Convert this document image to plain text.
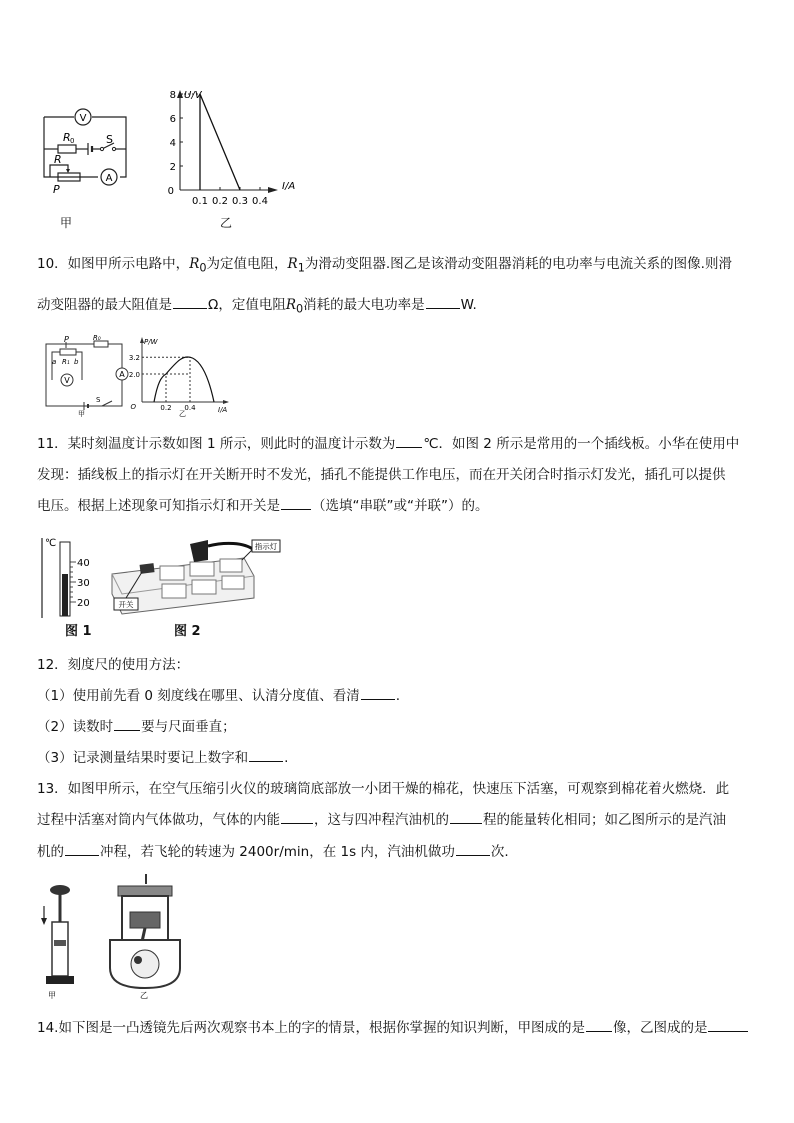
V
A
R 0
R
S
P
甲
U/V
I/A
0
8
6
4
2
0.1 0.2 0.3 0.4
乙
10．如图甲所示电路中，$R_0$为定值电阻，$R_1$为滑动变阻器.图乙是该滑动变阻器消耗的电功率与电流关系的图像.则滑
动变阻器的最大阻值是	Ω，定值电阻$R_0$消耗的最大电功率是	W.
V
A
P	R₀
a R₁ b
S
甲
P/W
I/A
O
3.2
2.0
0.2 0.4
乙
11．某时刻温度计示数如图 1 所示，则此时的温度计示数为 ℃．如图 2 所示是常用的一个插线板。小华在使用中
发现：插线板上的指示灯在开关断开时不发光，插孔不能提供工作电压，而在开关闭合时指示灯发光，插孔可以提供
电压。根据上述现象可知指示灯和开关是 （选填“串联”或“并联”）的。
℃
40
30
20
指示灯
开关
图 1	图 2
12．刻度尺的使用方法：
（1）使用前先看 0 刻度线在哪里、认清分度值、看清	.
（2）读数时 要与尺面垂直；
（3）记录测量结果时要记上数字和	.
13．如图甲所示，在空气压缩引火仪的玻璃筒底部放一小团干燥的棉花，快速压下活塞，可观察到棉花着火燃烧．此
过程中活塞对筒内气体做功，气体的内能	，这与四冲程汽油机的	程的能量转化相同；如乙图所示的是汽油
机的	冲程，若飞轮的转速为 2400r/min，在 1s 内，汽油机做功	次.
甲	乙
14.如下图是一凸透镜先后两次观察书本上的字的情景，根据你掌握的知识判断，甲图成的是 像，乙图成的是
